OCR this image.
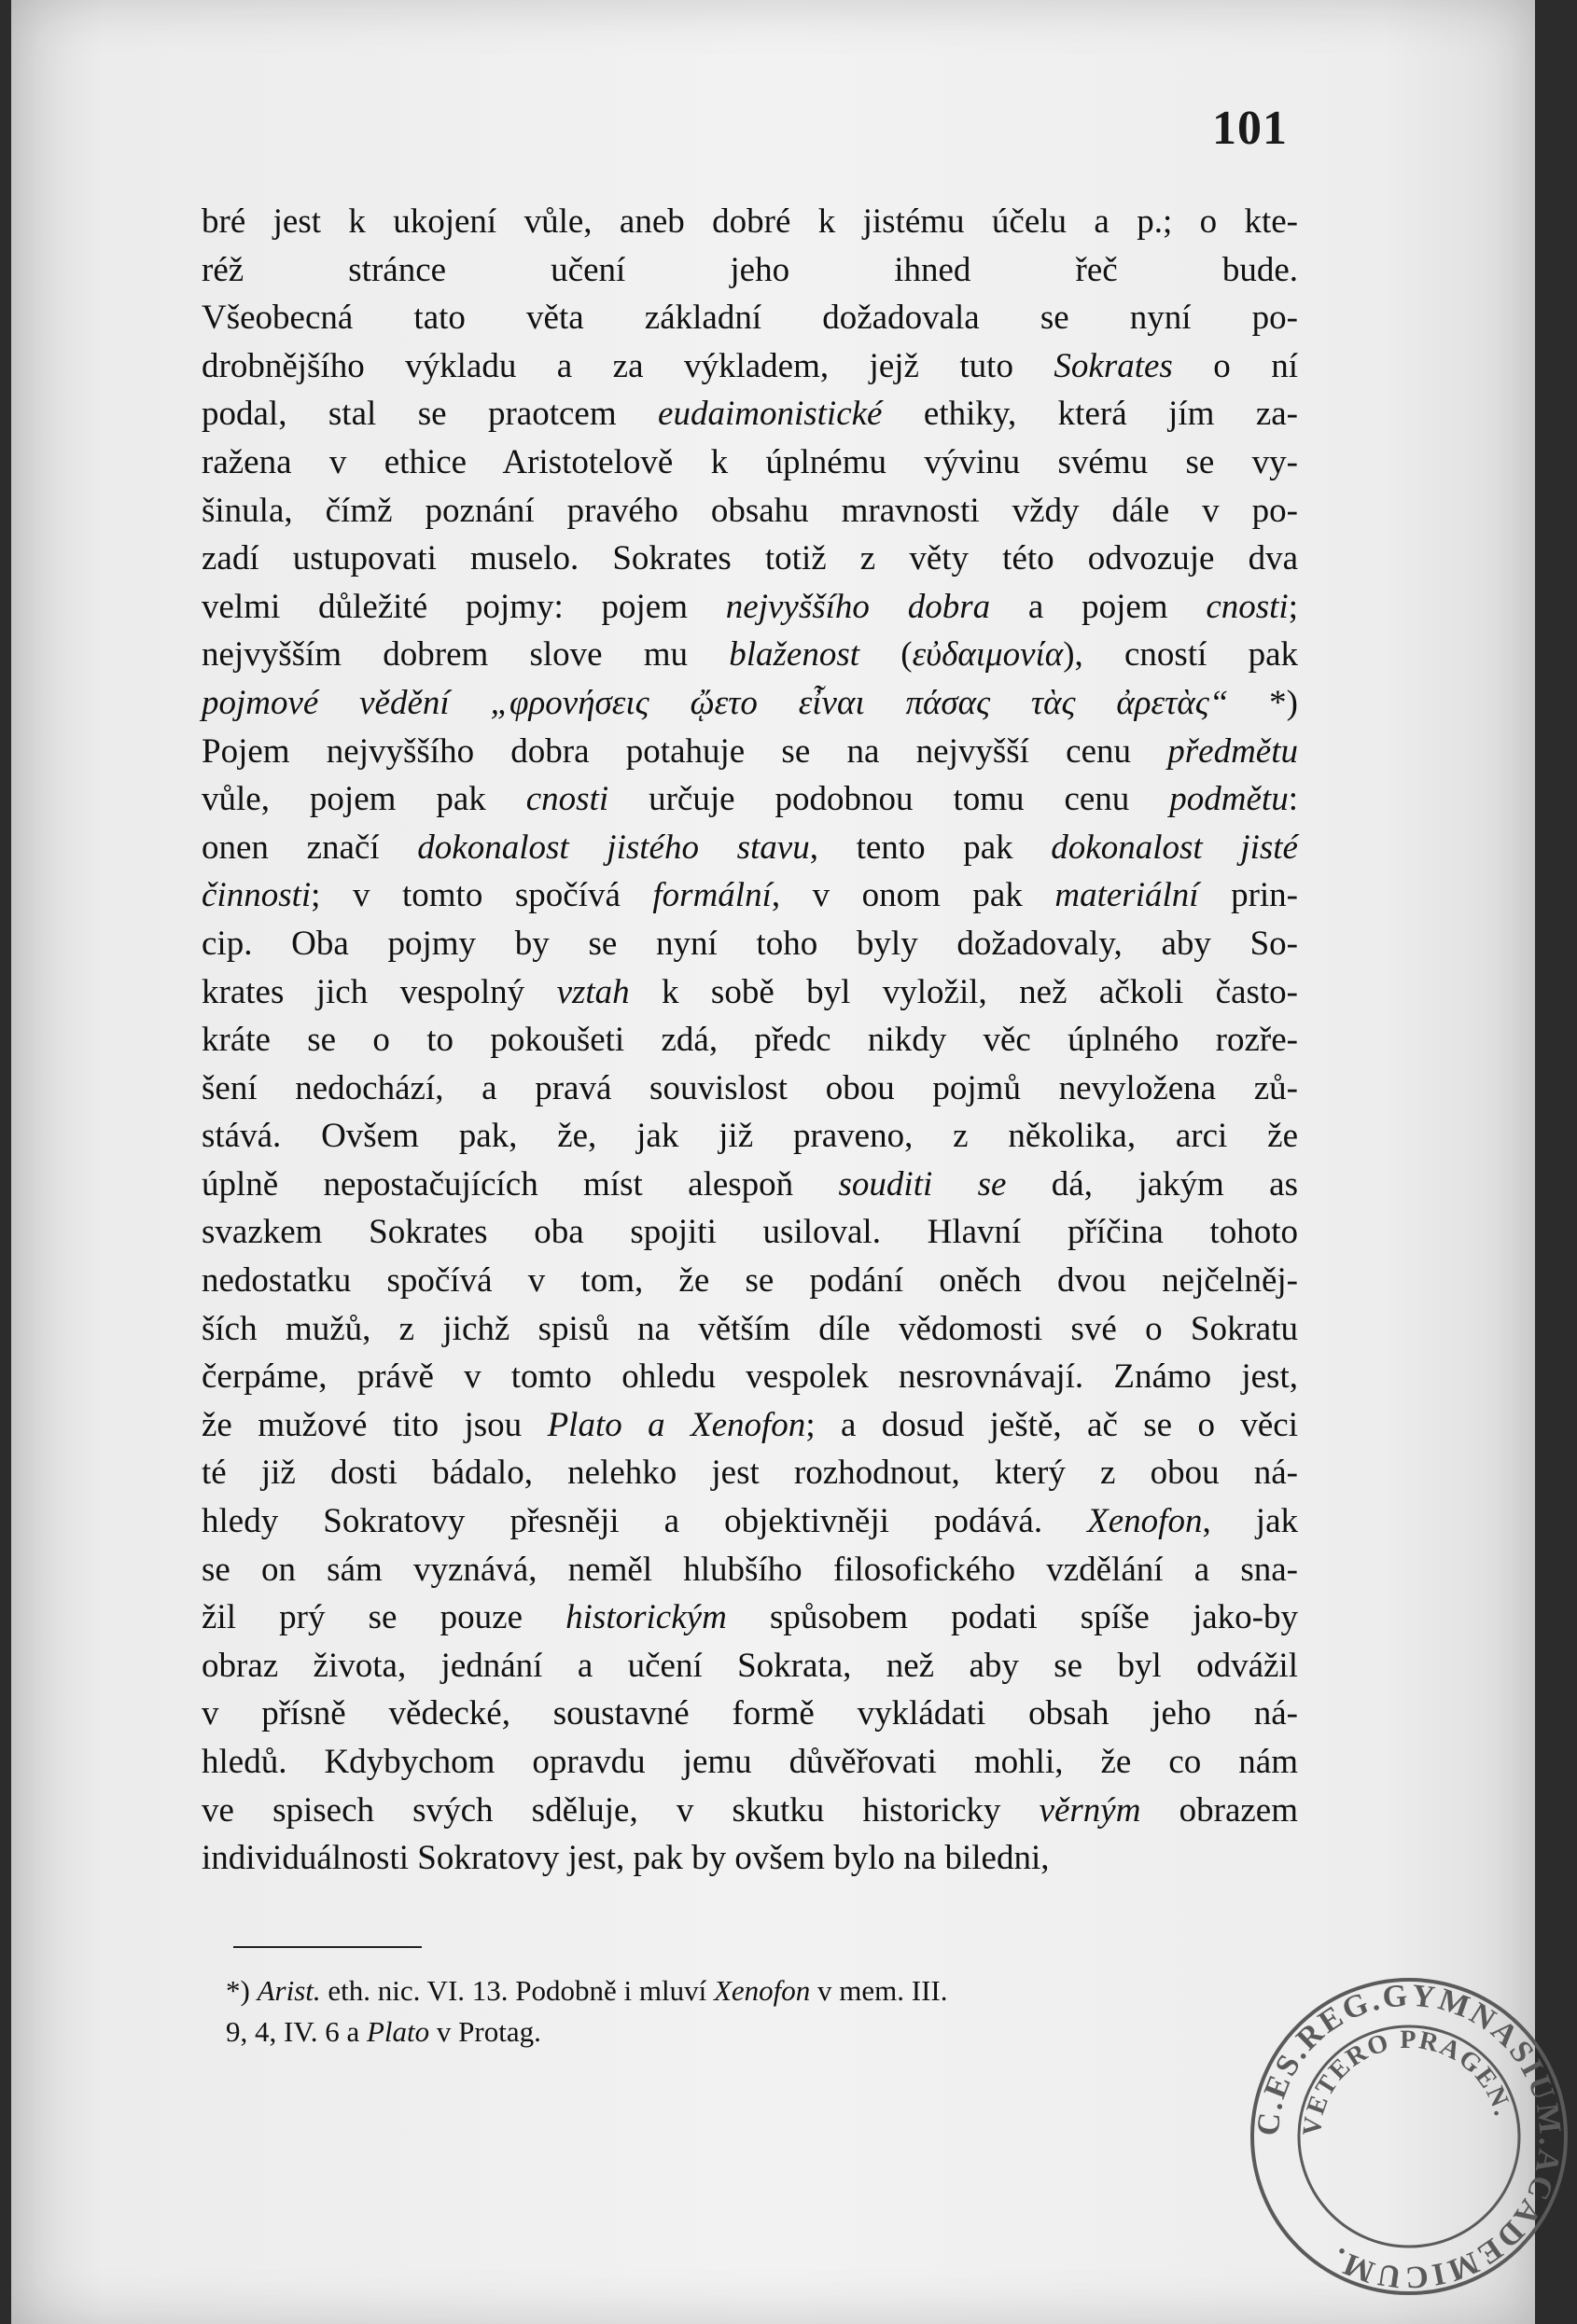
101
bré jest k ukojení vůle, aneb dobré k jistému účelu a p.; o kte-
réž stránce učení jeho ihned řeč bude.
Všeobecná tato věta základní dožadovala se nyní po-
drobnějšího výkladu a za výkladem, jejž tuto Sokrates o ní
podal, stal se praotcem eudaimonistické ethiky, která jím za-
ražena v ethice Aristotelově k úplnému vývinu svému se vy-
šinula, čímž poznání pravého obsahu mravnosti vždy dále v po-
zadí ustupovati muselo. Sokrates totiž z věty této odvozuje dva
velmi důležité pojmy: pojem nejvyššího dobra a pojem cnosti;
nejvyšším dobrem slove mu blaženost (εὐδαιμονία), cností pak
pojmové vědění „φρονήσεις ᾤετο εἶναι πάσας τὰς ἀρετὰς“ *)
Pojem nejvyššího dobra potahuje se na nejvyšší cenu předmětu
vůle, pojem pak cnosti určuje podobnou tomu cenu podmětu:
onen značí dokonalost jistého stavu, tento pak dokonalost jisté
činnosti; v tomto spočívá formální, v onom pak materiální prin-
cip. Oba pojmy by se nyní toho byly dožadovaly, aby So-
krates jich vespolný vztah k sobě byl vyložil, než ačkoli často-
kráte se o to pokoušeti zdá, předc nikdy věc úplného rozře-
šení nedochází, a pravá souvislost obou pojmů nevyložena zů-
stává. Ovšem pak, že, jak již praveno, z několika, arci že
úplně nepostačujících míst alespoň souditi se dá, jakým as
svazkem Sokrates oba spojiti usiloval. Hlavní příčina tohoto
nedostatku spočívá v tom, že se podání oněch dvou nejčelněj-
ších mužů, z jichž spisů na větším díle vědomosti své o Sokratu
čerpáme, právě v tomto ohledu vespolek nesrovnávají. Známo jest,
že mužové tito jsou Plato a Xenofon; a dosud ještě, ač se o věci
té již dosti bádalo, nelehko jest rozhodnout, který z obou ná-
hledy Sokratovy přesněji a objektivněji podává. Xenofon, jak
se on sám vyznává, neměl hlubšího filosofického vzdělání a sna-
žil prý se pouze historickým spůsobem podati spíše jako-by
obraz života, jednání a učení Sokrata, než aby se byl odvážil
v přísně vědecké, soustavné formě vykládati obsah jeho ná-
hledů. Kdybychom opravdu jemu důvěřovati mohli, že co nám
ve spisech svých sděluje, v skutku historicky věrným obrazem
individuálnosti Sokratovy jest, pak by ovšem bylo na biledni,
*) Arist. eth. nic. VI. 13. Podobně i mluví Xenofon v mem. III.
9, 4, IV. 6 a Plato v Protag.
C.ES.REG.GYMNASIUM.ACADEMICUM.
VETERO PRAGEN.
